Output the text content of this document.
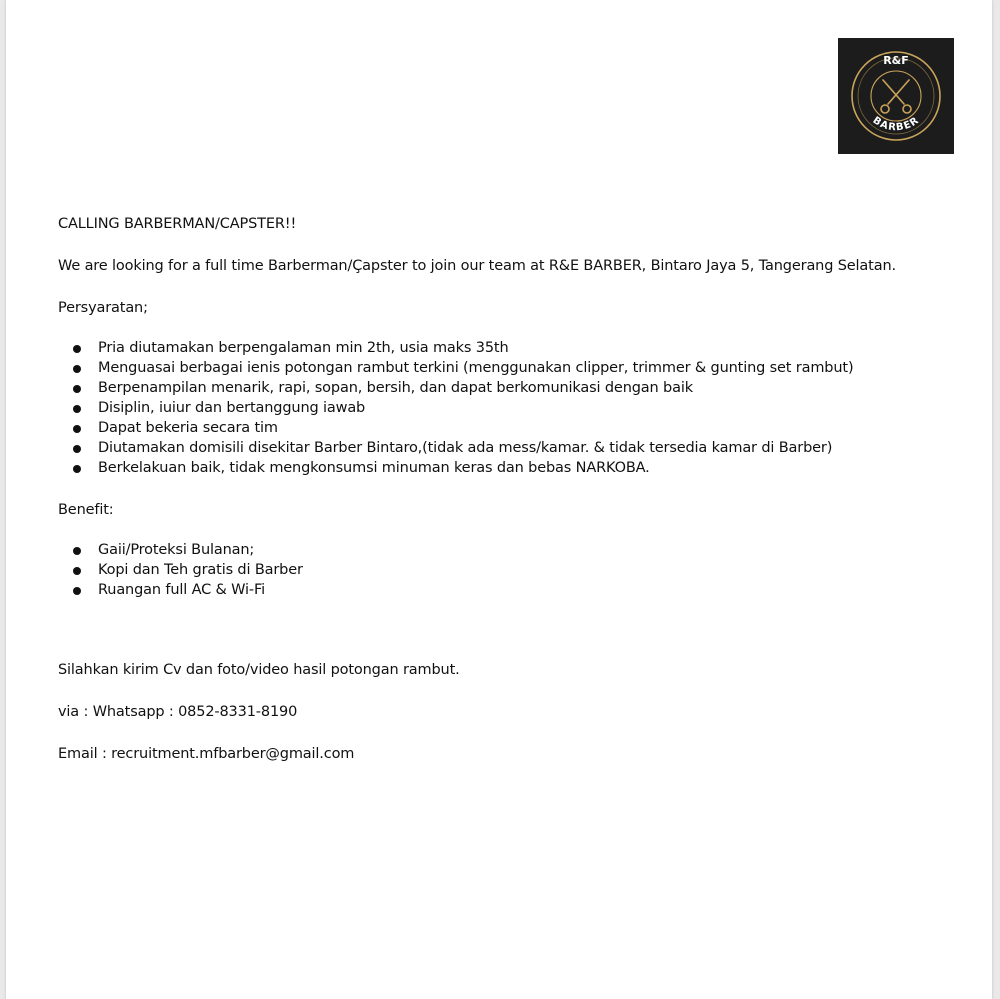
R&F
BARBER

CALLING BARBERMAN/CAPSTER!!

We are looking for a full time Barberman/Çapster to join our team at R&E BARBER, Bintaro Jaya 5, Tangerang Selatan.

Persyaratan;

Pria diutamakan berpengalaman min 2th, usia maks 35th
Menguasai berbagai ienis potongan rambut terkini (menggunakan clipper, trimmer & gunting set rambut)
Berpenampilan menarik, rapi, sopan, bersih, dan dapat berkomunikasi dengan baik
Disiplin, iuiur dan bertanggung iawab
Dapat bekeria secara tim
Diutamakan domisili disekitar Barber Bintaro,(tidak ada mess/kamar. & tidak tersedia kamar di Barber)
Berkelakuan baik, tidak mengkonsumsi minuman keras dan bebas NARKOBA.

Benefit:

Gaii/Proteksi Bulanan;
Kopi dan Teh gratis di Barber
Ruangan full AC & Wi-Fi

Silahkan kirim Cv dan foto/video hasil potongan rambut.

via : Whatsapp : 0852-8331-8190

Email : recruitment.mfbarber@gmail.com
